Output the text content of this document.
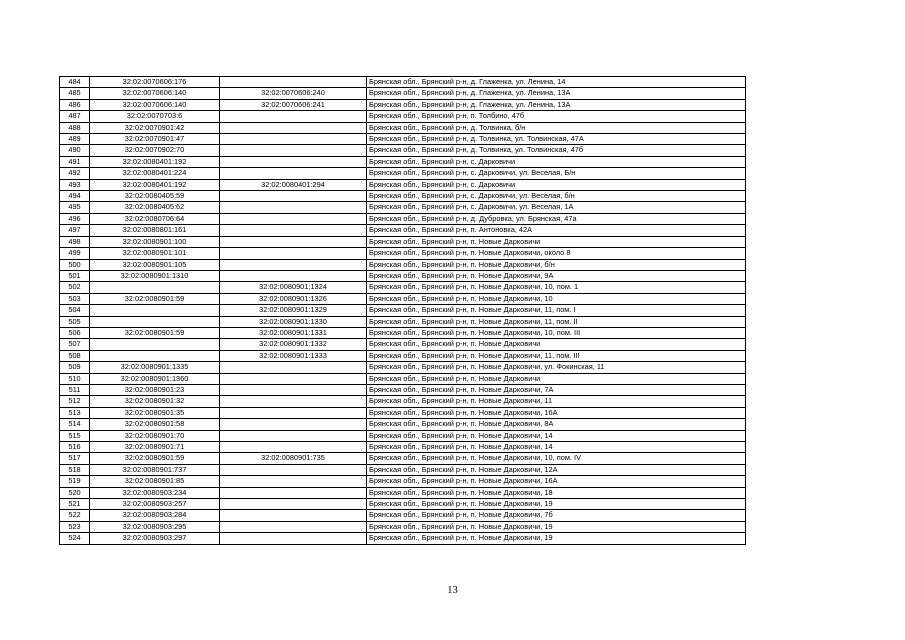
484	32:02:0070606:176		Брянская обл., Брянский р-н, д. Глаженка, ул. Ленина, 14
485	32:02:0070606:140	32:02:0070606:240	Брянская обл., Брянский р-н, д. Глаженка, ул. Ленина, 13А
486	32:02:0070606:140	32:02:0070606:241	Брянская обл., Брянский р-н, д. Глаженка, ул. Ленина, 13А
487	32:02:0070703:6		Брянская обл., Брянский р-н, п. Толбино, 47б
488	32:02:0070901:42		Брянская обл., Брянский р-н, д. Толвинка, б/н
489	32:02:0070901:47		Брянская обл., Брянский р-н, д. Толвинка, ул. Толвинская, 47А
490	32:02:0070902:70		Брянская обл., Брянский р-н, д. Толвинка, ул. Толвинская, 47б
491	32:02:0080401:192		Брянская обл., Брянский р-н, с. Дарковичи
492	32:02:0080401:224		Брянская обл., Брянский р-н, с. Дарковичи, ул. Веселая, Б/н
493	32:02:0080401:192	32:02:0080401:294	Брянская обл., Брянский р-н, с. Дарковичи
494	32:02:0080405:59		Брянская обл., Брянский р-н, с. Дарковичи, ул. Веселая, б/н
495	32:02:0080405:62		Брянская обл., Брянский р-н, с. Дарковичи, ул. Веселая, 1А
496	32:02:0080706:64		Брянская обл., Брянский р-н, д. Дубровка, ул. Брянская, 47а
497	32:02:0080801:161		Брянская обл., Брянский р-н, п. Антоновка, 42А
498	32:02:0080901:100		Брянская обл., Брянский р-н, п. Новые Дарковичи
499	32:02:0080901:101		Брянская обл., Брянский р-н, п. Новые Дарковичи, около 8
500	32:02:0080901:105		Брянская обл., Брянский р-н, п. Новые Дарковичи, б/н
501	32:02:0080901:1310		Брянская обл., Брянский р-н, п. Новые Дарковичи, 9А
502		32:02:0080901:1324	Брянская обл., Брянский р-н, п. Новые Дарковичи, 10, пом. 1
503	32:02:0080901:59	32:02:0080901:1326	Брянская обл., Брянский р-н, п. Новые Дарковичи, 10
504		32:02:0080901:1329	Брянская обл., Брянский р-н, п. Новые Дарковичи, 11, пом. I
505		32:02:0080901:1330	Брянская обл., Брянский р-н, п. Новые Дарковичи, 11, пом. II
506	32:02:0080901:59	32:02:0080901:1331	Брянская обл., Брянский р-н, п. Новые Дарковичи, 10, пом. III
507		32:02:0080901:1332	Брянская обл., Брянский р-н, п. Новые Дарковичи
508		32:02:0080901:1333	Брянская обл., Брянский р-н, п. Новые Дарковичи, 11, пом. III
509	32:02:0080901:1335		Брянская обл., Брянский р-н, п. Новые Дарковичи, ул. Фокинская, 11
510	32:02:0080901:1360		Брянская обл., Брянский р-н, п. Новые Дарковичи
511	32:02:0080901:23		Брянская обл., Брянский р-н, п. Новые Дарковичи, 7А
512	32:02:0080901:32		Брянская обл., Брянский р-н, п. Новые Дарковичи, 11
513	32:02:0080901:35		Брянская обл., Брянский р-н, п. Новые Дарковичи, 16А
514	32:02:0080901:58		Брянская обл., Брянский р-н, п. Новые Дарковичи, 8А
515	32:02:0080901:70		Брянская обл., Брянский р-н, п. Новые Дарковичи, 14
516	32:02:0080901:71		Брянская обл., Брянский р-н, п. Новые Дарковичи, 14
517	32:02:0080901:59	32:02:0080901:735	Брянская обл., Брянский р-н, п. Новые Дарковичи, 10, пом. IV
518	32:02:0080901:737		Брянская обл., Брянский р-н, п. Новые Дарковичи, 12А
519	32:02:0080901:85		Брянская обл., Брянский р-н, п. Новые Дарковичи, 16А
520	32:02:0080903:234		Брянская обл., Брянский р-н, п. Новые Дарковичи, 18
521	32:02:0080903:257		Брянская обл., Брянский р-н, п. Новые Дарковичи, 19
522	32:02:0080903:284		Брянская обл., Брянский р-н, п. Новые Дарковичи, 7б
523	32:02:0080903:295		Брянская обл., Брянский р-н, п. Новые Дарковичи, 19
524	32:02:0080903:297		Брянская обл., Брянский р-н, п. Новые Дарковичи, 19
13
